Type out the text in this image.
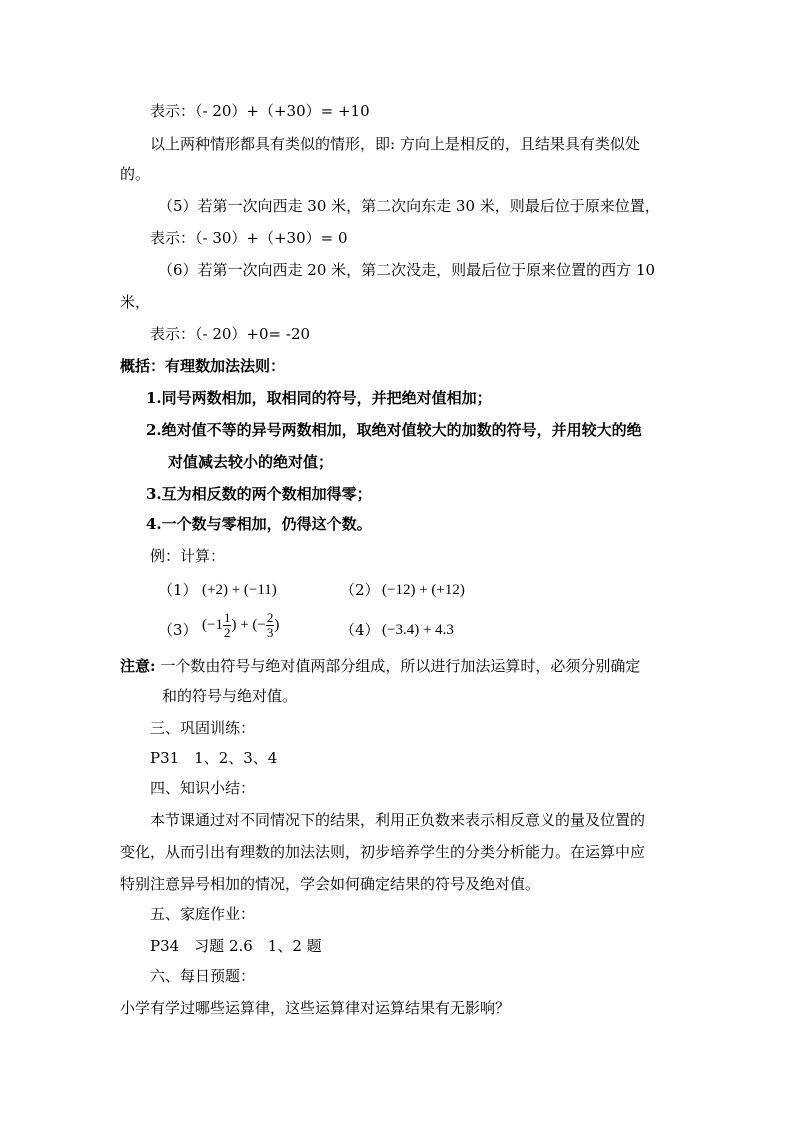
表示：（- 20）+（+30）= +10
以上两种情形都具有类似的情形，即: 方向上是相反的，且结果具有类似处
的。
（5）若第一次向西走 30 米，第二次向东走 30 米，则最后位于原来位置，
表示：（- 30）+（+30）= 0
（6）若第一次向西走 20 米，第二次没走，则最后位于原来位置的西方 10
米，
表示：（- 20）+0= -20
概括：有理数加法法则：
1.同号两数相加，取相同的符号，并把绝对值相加；
2.绝对值不等的异号两数相加，取绝对值较大的加数的符号，并用较大的绝
对值减去较小的绝对值；
3.互为相反数的两个数相加得零；
4.一个数与零相加，仍得这个数。
例：计算：
（1） (+2) + (−11)	（2） (−12) + (+12)
（3） ($-1 \frac{1}{2}$ ) + (− $\frac{2}{3}$ )	（4） (−3.4) + 4.3
注意: 一个数由符号与绝对值两部分组成，所以进行加法运算时，必须分别确定
和的符号与绝对值。
三、巩固训练：
P31　1、2、3、4
四、知识小结：
本节课通过对不同情况下的结果，利用正负数来表示相反意义的量及位置的
变化，从而引出有理数的加法法则，初步培养学生的分类分析能力。在运算中应
特别注意异号相加的情况，学会如何确定结果的符号及绝对值。
五、家庭作业：
P34　习题 2.6　1、2 题
六、每日预题：
小学有学过哪些运算律，这些运算律对运算结果有无影响？
